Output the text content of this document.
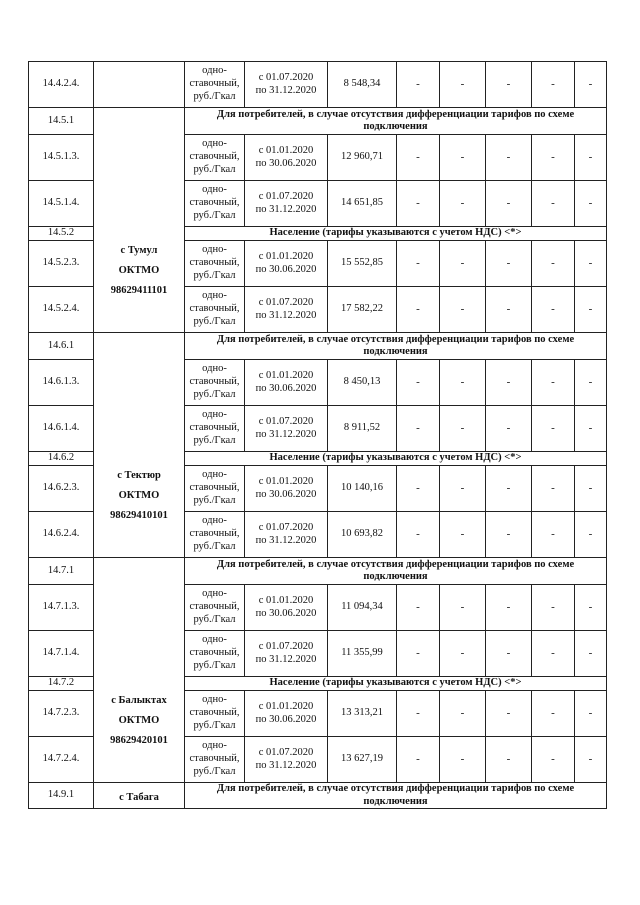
14.4.2.4.		одно-
ставочный,
руб./Гкал	с 01.07.2020
по 31.12.2020	8 548,34	-	-	-	-	-
14.5.1	с Тумул
ОКТМО
98629411101	Для потребителей, в случае отсутствия дифференциации тарифов по схеме подключения							
14.5.1.3.		одно-
ставочный,
руб./Гкал	с 01.01.2020
по 30.06.2020	12 960,71	-	-	-	-	-
14.5.1.4.		одно-
ставочный,
руб./Гкал	с 01.07.2020
по 31.12.2020	14 651,85	-	-	-	-	-
14.5.2		Население (тарифы указываются с учетом НДС) <*>							
14.5.2.3.		одно-
ставочный,
руб./Гкал	с 01.01.2020
по 30.06.2020	15 552,85	-	-	-	-	-
14.5.2.4.		одно-
ставочный,
руб./Гкал	с 01.07.2020
по 31.12.2020	17 582,22	-	-	-	-	-
14.6.1	с Тектюр
ОКТМО
98629410101	Для потребителей, в случае отсутствия дифференциации тарифов по схеме подключения							
14.6.1.3.		одно-
ставочный,
руб./Гкал	с 01.01.2020
по 30.06.2020	8 450,13	-	-	-	-	-
14.6.1.4.		одно-
ставочный,
руб./Гкал	с 01.07.2020
по 31.12.2020	8 911,52	-	-	-	-	-
14.6.2		Население (тарифы указываются с учетом НДС) <*>							
14.6.2.3.		одно-
ставочный,
руб./Гкал	с 01.01.2020
по 30.06.2020	10 140,16	-	-	-	-	-
14.6.2.4.		одно-
ставочный,
руб./Гкал	с 01.07.2020
по 31.12.2020	10 693,82	-	-	-	-	-
14.7.1	с Балыктах
ОКТМО
98629420101	Для потребителей, в случае отсутствия дифференциации тарифов по схеме подключения							
14.7.1.3.		одно-
ставочный,
руб./Гкал	с 01.01.2020
по 30.06.2020	11 094,34	-	-	-	-	-
14.7.1.4.		одно-
ставочный,
руб./Гкал	с 01.07.2020
по 31.12.2020	11 355,99	-	-	-	-	-
14.7.2		Население (тарифы указываются с учетом НДС) <*>							
14.7.2.3.		одно-
ставочный,
руб./Гкал	с 01.01.2020
по 30.06.2020	13 313,21	-	-	-	-	-
14.7.2.4.		одно-
ставочный,
руб./Гкал	с 01.07.2020
по 31.12.2020	13 627,19	-	-	-	-	-
14.9.1	с Табага	Для потребителей, в случае отсутствия дифференциации тарифов по схеме подключения							
